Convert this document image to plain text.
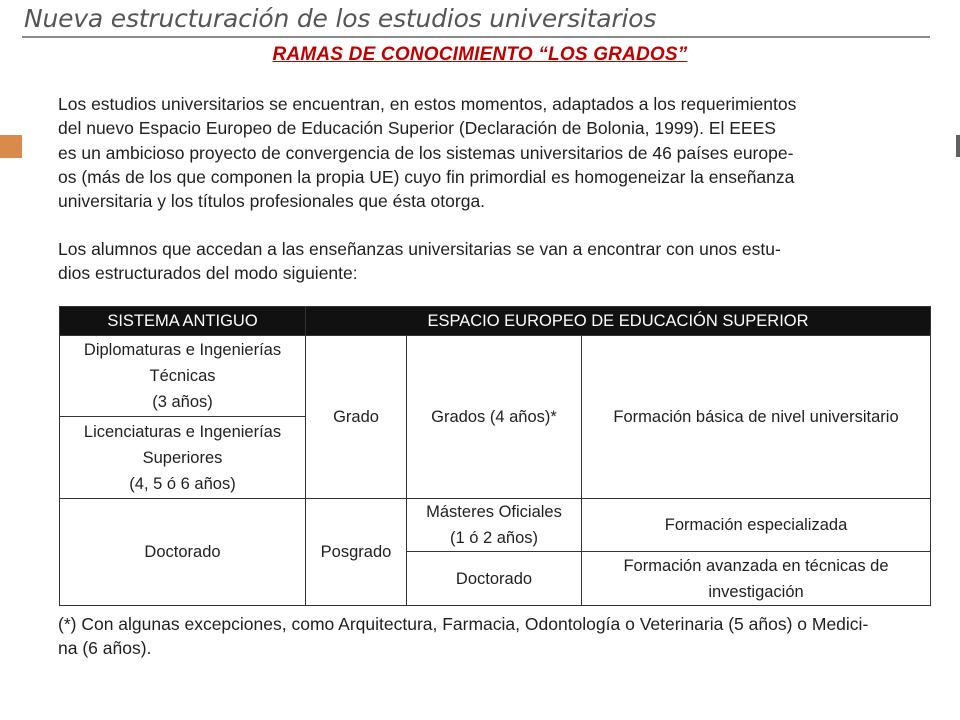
Nueva estructuración de los estudios universitarios
RAMAS DE CONOCIMIENTO “LOS GRADOS”

Los estudios universitarios se encuentran, en estos momentos, adaptados a los requerimientos
del nuevo Espacio Europeo de Educación Superior (Declaración de Bolonia, 1999). El EEES
es un ambicioso proyecto de convergencia de los sistemas universitarios de 46 países europe-
os (más de los que componen la propia UE) cuyo fin primordial es homogeneizar la enseñanza
universitaria y los títulos profesionales que ésta otorga.

Los alumnos que accedan a las enseñanzas universitarias se van a encontrar con unos estu-
dios estructurados del modo siguiente:

SISTEMA ANTIGUO	ESPACIO EUROPEO DE EDUCACIÓN SUPERIOR		

Diplomaturas e Ingenierías
Técnicas
(3 años)	Grado	Grados (4 años)*	Formación básica de nivel universitario

Licenciaturas e Ingenierías
Superiores
(4, 5 ó 6 años)			

Doctorado	Posgrado	Másteres Oficiales
(1 ó 2 años)	Formación especializada
		Doctorado	Formación avanzada en técnicas de
investigación
(*) Con algunas excepciones, como Arquitectura, Farmacia, Odontología o Veterinaria (5 años) o Medici-
na (6 años).
